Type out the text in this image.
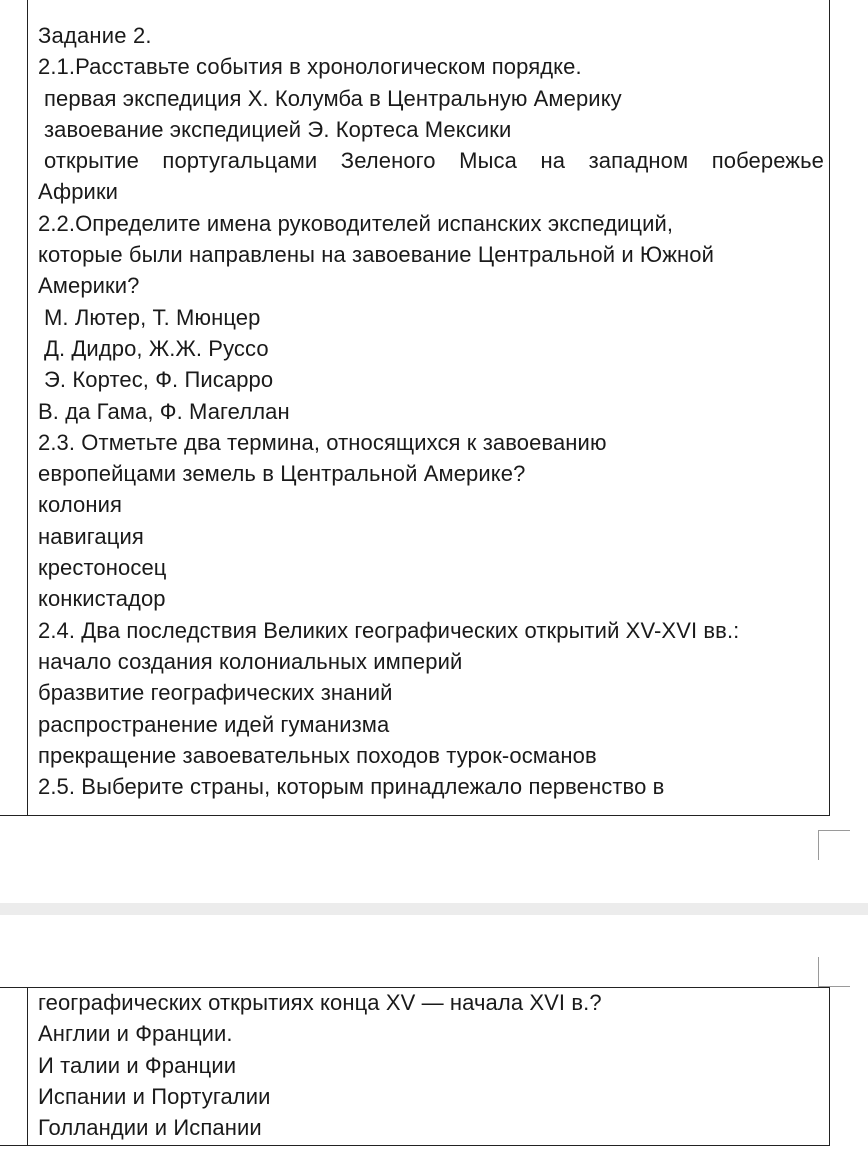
Задание 2.
2.1.Расставьте события в хронологическом порядке.
первая экспедиция Х. Колумба в Центральную Америку
завоевание экспедицией Э. Кортеса Мексики
открытие португальцами Зеленого Мыса на западном побережье
Африки
2.2.Определите имена руководителей испанских экспедиций,
которые были направлены на завоевание Центральной и Южной
Америки?
М. Лютер, Т. Мюнцер
Д. Дидро, Ж.Ж. Руссо
Э. Кортес, Ф. Писарро
В. да Гама, Ф. Магеллан
2.3. Отметьте два термина, относящихся к завоеванию
европейцами земель в Центральной Америке?
колония
навигация
крестоносец
конкистадор
2.4. Два последствия Великих географических открытий XV-XVI вв.:
начало создания колониальных империй
бразвитие географических знаний
распространение идей гуманизма
прекращение завоевательных походов турок-османов
2.5. Выберите страны, которым принадлежало первенство в
географических открытиях конца XV — начала XVI в.?
Англии и Франции.
И талии и Франции
Испании и Португалии
Голландии и Испании
